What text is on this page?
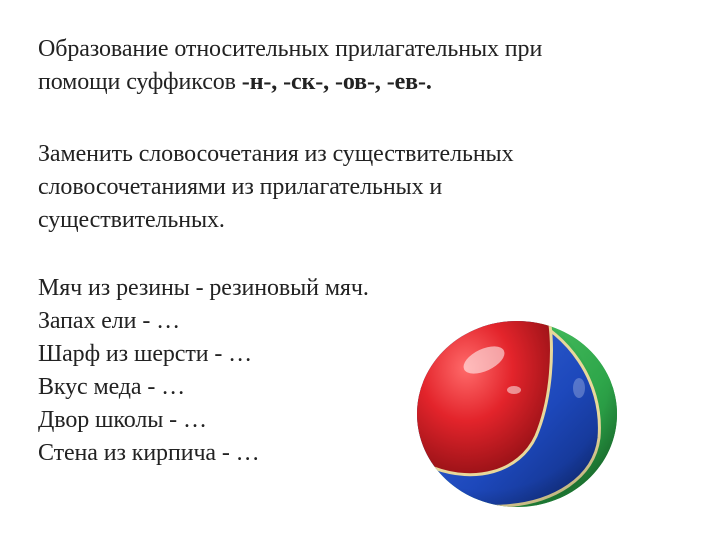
Образование относительных прилагательных при
помощи суффиксов -н-, -ск-, -ов-, -ев-.
Заменить словосочетания из существительных
словосочетаниями из прилагательных и
существительных.
Мяч из резины - резиновый мяч.
Запах ели - …
Шарф из шерсти - …
Вкус меда - …
Двор школы - …
Стена из кирпича - …
